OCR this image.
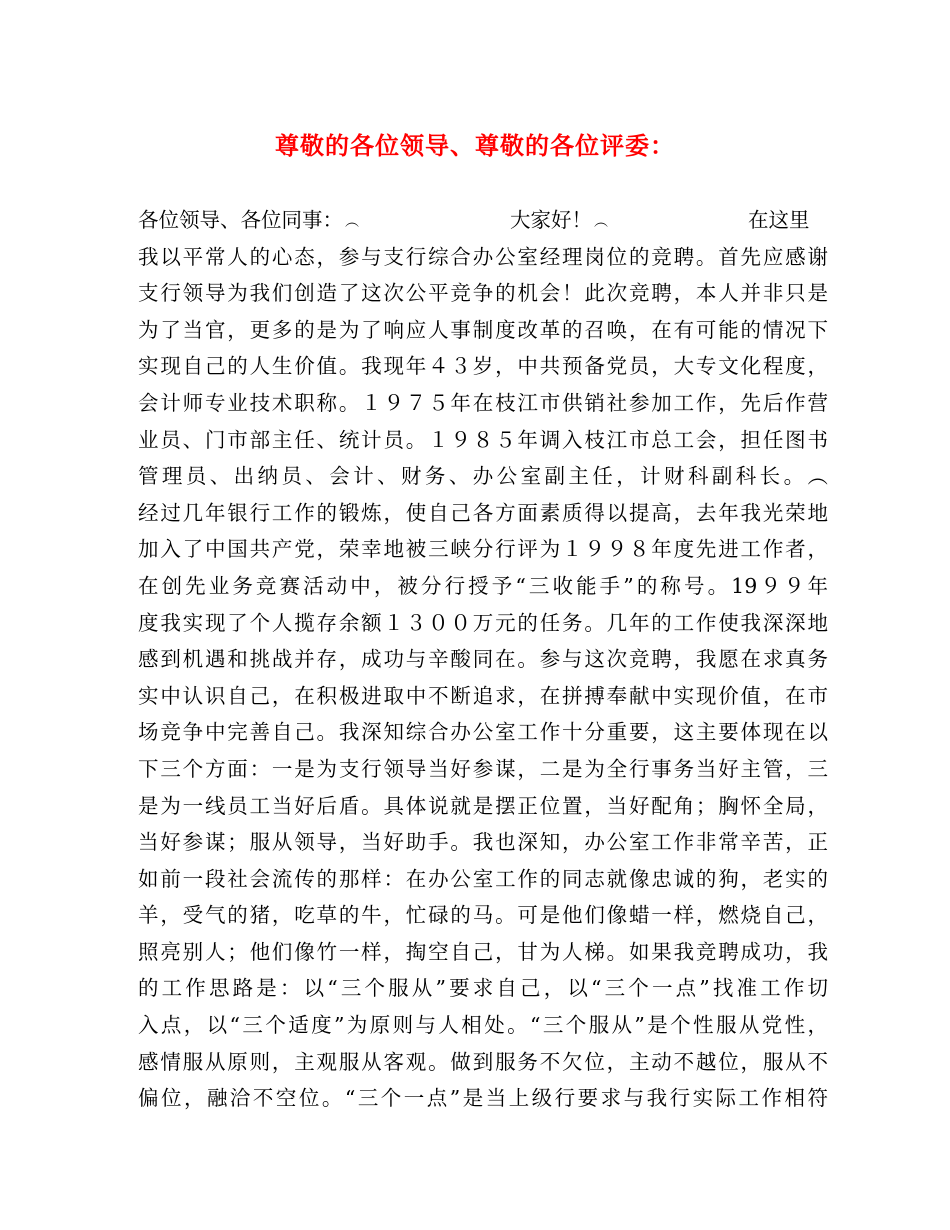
尊敬的各位领导、尊敬的各位评委：
各位领导、各位同事： ︵	大家好！ ︵	在这里
我以平常人的心态，参与支行综合办公室经理岗位的竞聘。首先应感谢
支行领导为我们创造了这次公平竞争的机会！此次竞聘，本人并非只是
为了当官，更多的是为了响应人事制度改革的召唤，在有可能的情况下
实现自己的人生价值。我现年４３岁，中共预备党员，大专文化程度，
会计师专业技术职称。１９７５年在枝江市供销社参加工作，先后作营
业员、门市部主任、统计员。１９８５年调入枝江市总工会，担任图书
管理员、出纳员、会计、财务、办公室副主任，计财科副科长。︵
经过几年银行工作的锻炼，使自己各方面素质得以提高，去年我光荣地
加入了中国共产党，荣幸地被三峡分行评为１９９８年度先进工作者，
在创先业务竞赛活动中，被分行授予“三收能手”的称号。19９９年
度我实现了个人揽存余额１３００万元的任务。几年的工作使我深深地
感到机遇和挑战并存，成功与辛酸同在。参与这次竞聘，我愿在求真务
实中认识自己，在积极进取中不断追求，在拼搏奉献中实现价值，在市
场竞争中完善自己。我深知综合办公室工作十分重要，这主要体现在以
下三个方面：一是为支行领导当好参谋，二是为全行事务当好主管，三
是为一线员工当好后盾。具体说就是摆正位置，当好配角；胸怀全局，
当好参谋；服从领导，当好助手。我也深知，办公室工作非常辛苦，正
如前一段社会流传的那样：在办公室工作的同志就像忠诚的狗，老实的
羊，受气的猪，吃草的牛，忙碌的马。可是他们像蜡一样，燃烧自己，
照亮别人；他们像竹一样，掏空自己，甘为人梯。如果我竞聘成功，我
的工作思路是：以“三个服从”要求自己，以“三个一点”找准工作切
入点，以“三个适度”为原则与人相处。“三个服从”是个性服从党性，
感情服从原则，主观服从客观。做到服务不欠位，主动不越位，服从不
偏位，融洽不空位。“三个一点”是当上级行要求与我行实际工作相符
